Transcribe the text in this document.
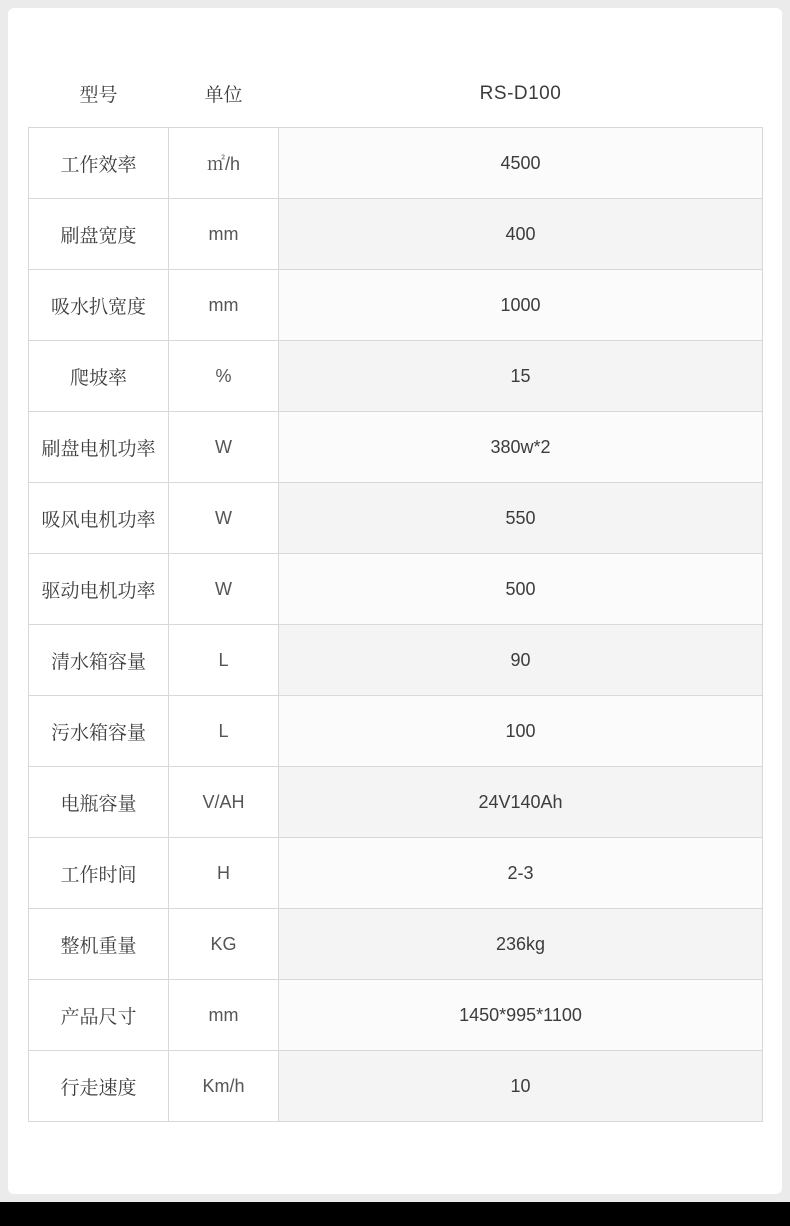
型号	单位	RS-D100
工作效率	㎡/h	4500
刷盘宽度	mm	400
吸水扒宽度	mm	1000
爬坡率	%	15
刷盘电机功率	W	380w*2
吸风电机功率	W	550
驱动电机功率	W	500
清水箱容量	L	90
污水箱容量	L	100
电瓶容量	V/AH	24V140Ah
工作时间	H	2-3
整机重量	KG	236kg
产品尺寸	mm	1450*995*1100
行走速度	Km/h	10
